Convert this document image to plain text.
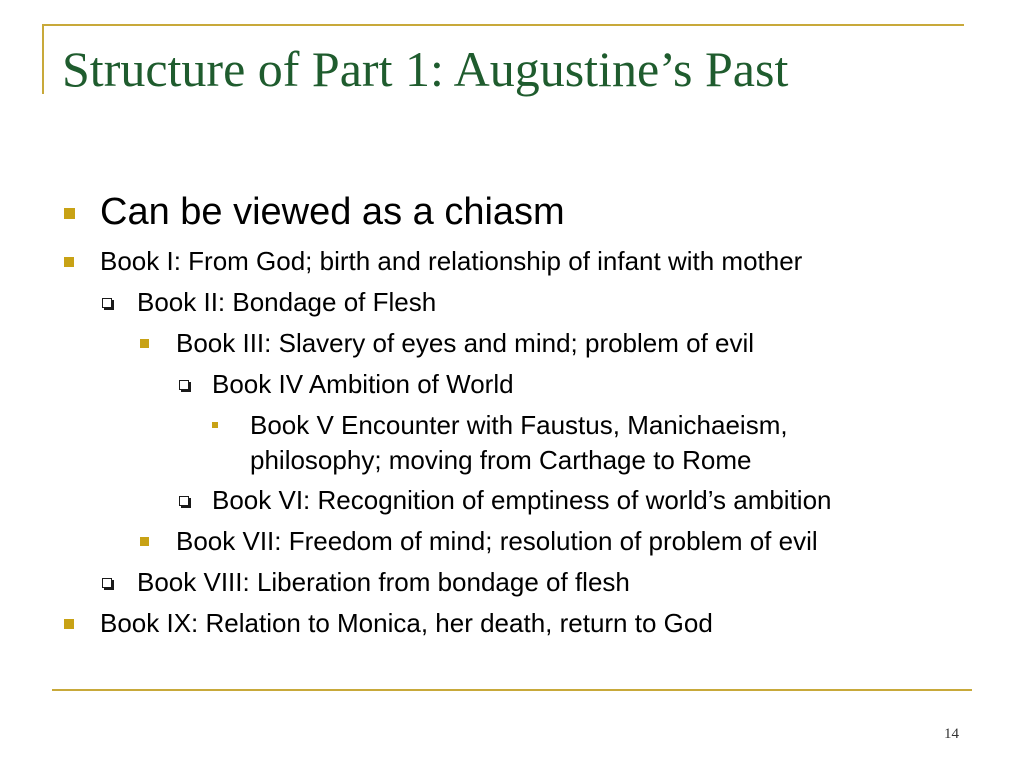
Structure of Part 1: Augustine’s Past
Can be viewed as a chiasm
Book I: From God; birth and relationship of infant with mother
Book II: Bondage of Flesh
Book III: Slavery of eyes and mind; problem of evil
Book IV Ambition of World
Book V Encounter with Faustus, Manichaeism,
philosophy; moving from Carthage to Rome
Book VI: Recognition of emptiness of world’s ambition
Book VII: Freedom of mind; resolution of problem of evil
Book VIII: Liberation from bondage of flesh
Book IX: Relation to Monica, her death, return to God
14
